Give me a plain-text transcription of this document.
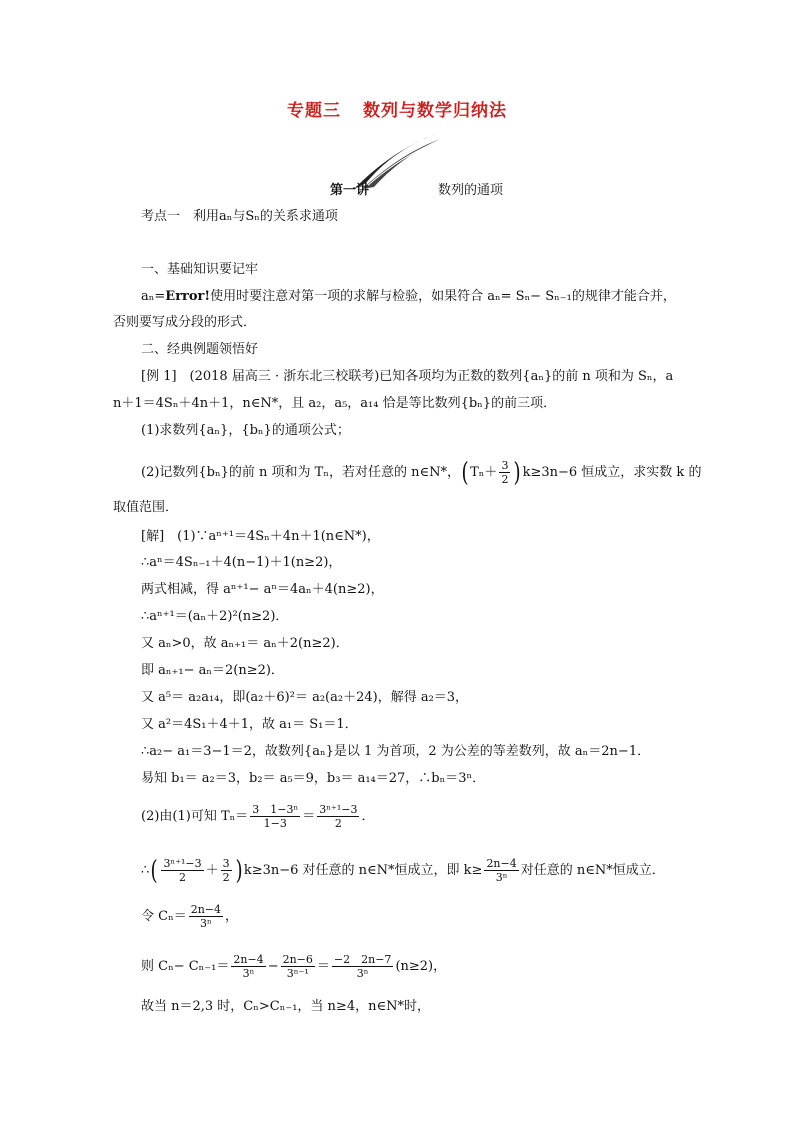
专题三 数列与数学归纳法
第一讲	数列的通项
考点一　利用aₙ与Sₙ的关系求通项
一、基础知识要记牢
aₙ=Error!使用时要注意对第一项的求解与检验，如果符合 aₙ= Sₙ− Sₙ₋₁的规律才能合并，
否则要写成分段的形式．
二、经典例题领悟好
[例 1]　(2018 届高三 · 浙东北三校联考)已知各项均为正数的数列{aₙ}的前 n 项和为 Sₙ，a
n＋1＝4Sₙ＋4n＋1，n∈N*，且 a₂，a₅，a₁₄ 恰是等比数列{bₙ}的前三项．
(1)求数列{aₙ}，{bₙ}的通项公式；
(2)记数列{bₙ}的前 n 项和为 Tₙ，若对任意的 n∈N*，( $T_n+ \frac{3}{2}$ ) k≥3n−6 恒成立，求实数 k 的
取值范围．
[解]　(1)∵aⁿ⁺¹＝4Sₙ＋4n＋1(n∈N*)，
∴aⁿ＝4Sₙ₋₁＋4(n−1)＋1(n≥2)，
两式相减，得 aⁿ⁺¹− aⁿ＝4aₙ＋4(n≥2)，
∴aⁿ⁺¹＝(aₙ＋2)²(n≥2)．
又 aₙ>0，故 aₙ₊₁＝ aₙ＋2(n≥2)．
即 aₙ₊₁− aₙ＝2(n≥2)．
又 a⁵＝ a₂a₁₄，即(a₂＋6)²＝ a₂(a₂＋24)，解得 a₂＝3，
又 a²＝4S₁＋4＋1，故 a₁＝ S₁＝1．
∴a₂− a₁＝3−1＝2，故数列{aₙ}是以 1 为首项，2 为公差的等差数列，故 aₙ＝2n−1．
易知 b₁＝ a₂＝3，b₂＝ a₅＝9，b₃＝ a₁₄＝27，∴bₙ＝3ⁿ．
(2)由(1)可知 $T_n= \frac{\text{3　1−3ⁿ}}{1-3} = \frac{\text{3ⁿ⁺¹−3}}{2}$ ．
∴( $\frac{\text{3ⁿ⁺¹−3}}{2} + \frac{3}{2}$ ) k≥3n−6 对任意的 n∈N*恒成立，即 $k\ge \frac{2n-4}{\text{3ⁿ}}$ 对任意的 n∈N*恒成立．
令 $C_n= \frac{2n-4}{\text{3ⁿ}}$ ，
则 $C_n- C_{n-1}= \frac{2n-4}{\text{3ⁿ}} - \frac{2n-6}{\text{3ⁿ⁻¹}} = \frac{-2 2n-7}{\text{3ⁿ}} (n\ge 2)$，
故当 n＝2,3 时，Cₙ>Cₙ₋₁，当 n≥4，n∈N*时，
